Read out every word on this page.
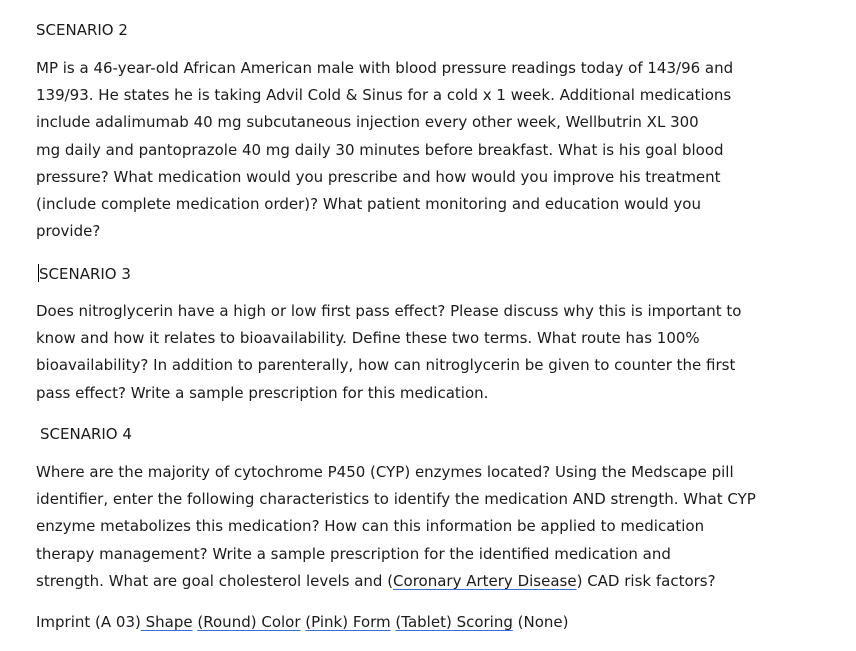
SCENARIO 2
MP is a 46-year-old African American male with blood pressure readings today of 143/96 and
139/93. He states he is taking Advil Cold & Sinus for a cold x 1 week. Additional medications
include adalimumab 40 mg subcutaneous injection every other week, Wellbutrin XL 300
mg daily and pantoprazole 40 mg daily 30 minutes before breakfast. What is his goal blood
pressure? What medication would you prescribe and how would you improve his treatment
(include complete medication order)? What patient monitoring and education would you
provide?
SCENARIO 3
Does nitroglycerin have a high or low first pass effect? Please discuss why this is important to
know and how it relates to bioavailability. Define these two terms. What route has 100%
bioavailability? In addition to parenterally, how can nitroglycerin be given to counter the first
pass effect? Write a sample prescription for this medication.
SCENARIO 4
Where are the majority of cytochrome P450 (CYP) enzymes located? Using the Medscape pill
identifier, enter the following characteristics to identify the medication AND strength. What CYP
enzyme metabolizes this medication? How can this information be applied to medication
therapy management? Write a sample prescription for the identified medication and
strength. What are goal cholesterol levels and (Coronary Artery Disease) CAD risk factors?
Imprint (A 03) Shape (Round) Color (Pink) Form (Tablet) Scoring (None)
